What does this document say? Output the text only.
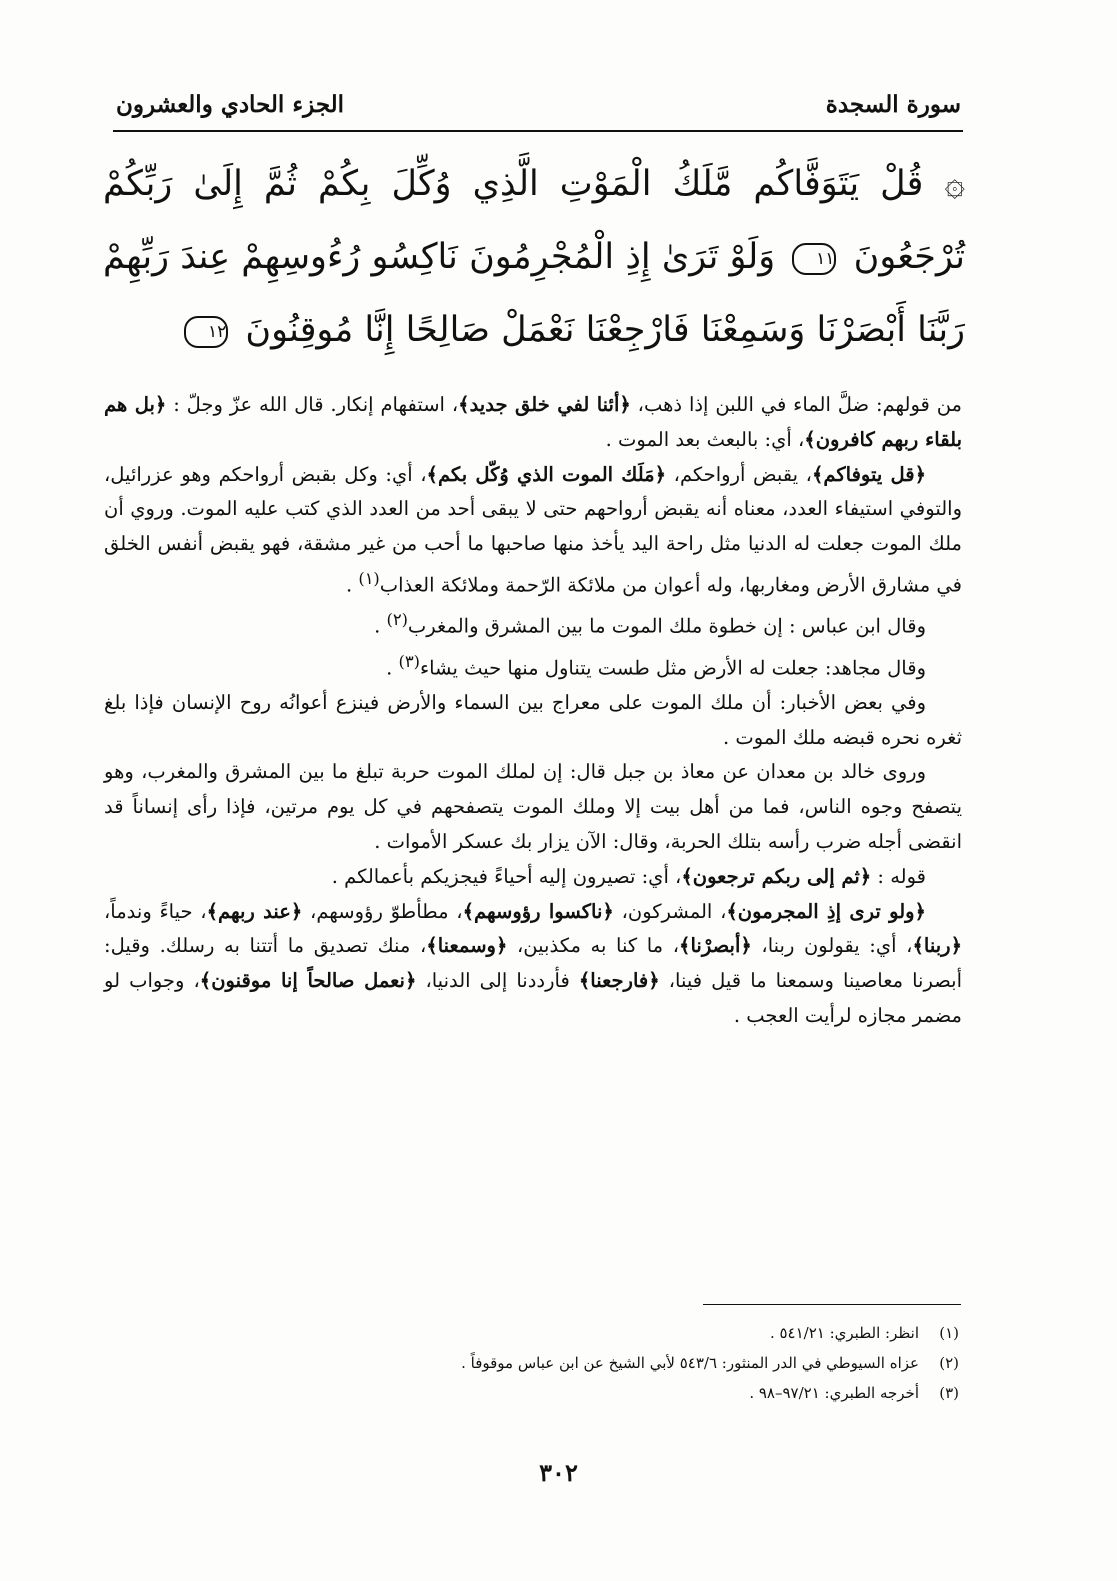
سورة السجدة
الجزء الحادي والعشرون
۞ قُلْ يَتَوَفَّاكُم مَّلَكُ الْمَوْتِ الَّذِي وُكِّلَ بِكُمْ ثُمَّ إِلَىٰ رَبِّكُمْ تُرْجَعُونَ ١١ وَلَوْ تَرَىٰ إِذِ الْمُجْرِمُونَ نَاكِسُو رُءُوسِهِمْ عِندَ رَبِّهِمْ رَبَّنَا أَبْصَرْنَا وَسَمِعْنَا فَارْجِعْنَا نَعْمَلْ صَالِحًا إِنَّا مُوقِنُونَ ١٢

من قولهم: ضلَّ الماء في اللبن إذا ذهب، ﴿أئنا لفي خلق جديد﴾، استفهام إنكار. قال الله عزّ وجلّ : ﴿بل هم بلقاء ربهم كافرون﴾، أي: بالبعث بعد الموت .

﴿قل يتوفاكم﴾، يقبض أرواحكم، ﴿مَلَك الموت الذي وُكّل بكم﴾، أي: وكل بقبض أرواحكم وهو عزرائيل، والتوفي استيفاء العدد، معناه أنه يقبض أرواحهم حتى لا يبقى أحد من العدد الذي كتب عليه الموت. وروي أن ملك الموت جعلت له الدنيا مثل راحة اليد يأخذ منها صاحبها ما أحب من غير مشقة، فهو يقبض أنفس الخلق في مشارق الأرض ومغاربها، وله أعوان من ملائكة الرّحمة وملائكة العذاب$^{(١)}$ .

وقال ابن عباس : إن خطوة ملك الموت ما بين المشرق والمغرب$^{(٢)}$ .

وقال مجاهد: جعلت له الأرض مثل طست يتناول منها حيث يشاء$^{(٣)}$ .

وفي بعض الأخبار: أن ملك الموت على معراج بين السماء والأرض فينزع أعوانُه روح الإنسان فإذا بلغ ثغره نحره قبضه ملك الموت .

وروى خالد بن معدان عن معاذ بن جبل قال: إن لملك الموت حربة تبلغ ما بين المشرق والمغرب، وهو يتصفح وجوه الناس، فما من أهل بيت إلا وملك الموت يتصفحهم في كل يوم مرتين، فإذا رأى إنساناً قد انقضى أجله ضرب رأسه بتلك الحربة، وقال: الآن يزار بك عسكر الأموات .

قوله : ﴿ثم إلى ربكم ترجعون﴾، أي: تصيرون إليه أحياءً فيجزيكم بأعمالكم .

﴿ولو ترى إذِ المجرمون﴾، المشركون، ﴿ناكسوا رؤوسهم﴾، مطأطوّ رؤوسهم، ﴿عند ربهم﴾، حياءً وندماً، ﴿ربنا﴾، أي: يقولون ربنا، ﴿أبصرْنا﴾، ما كنا به مكذبين، ﴿وسمعنا﴾، منك تصديق ما أتتنا به رسلك. وقيل: أبصرنا معاصينا وسمعنا ما قيل فينا، ﴿فارجعنا﴾ فأرددنا إلى الدنيا، ﴿نعمل صالحاً إنا موقنون﴾، وجواب لو مضمر مجازه لرأيت العجب .

(١)
انظر: الطبري: ٥٤١/٢١ .
(٢)
عزاه السيوطي في الدر المنثور: ٥٤٣/٦ لأبي الشيخ عن ابن عباس موقوفاً .
(٣)
أخرجه الطبري: ٩٧/٢١–٩٨ .
٣٠٢
